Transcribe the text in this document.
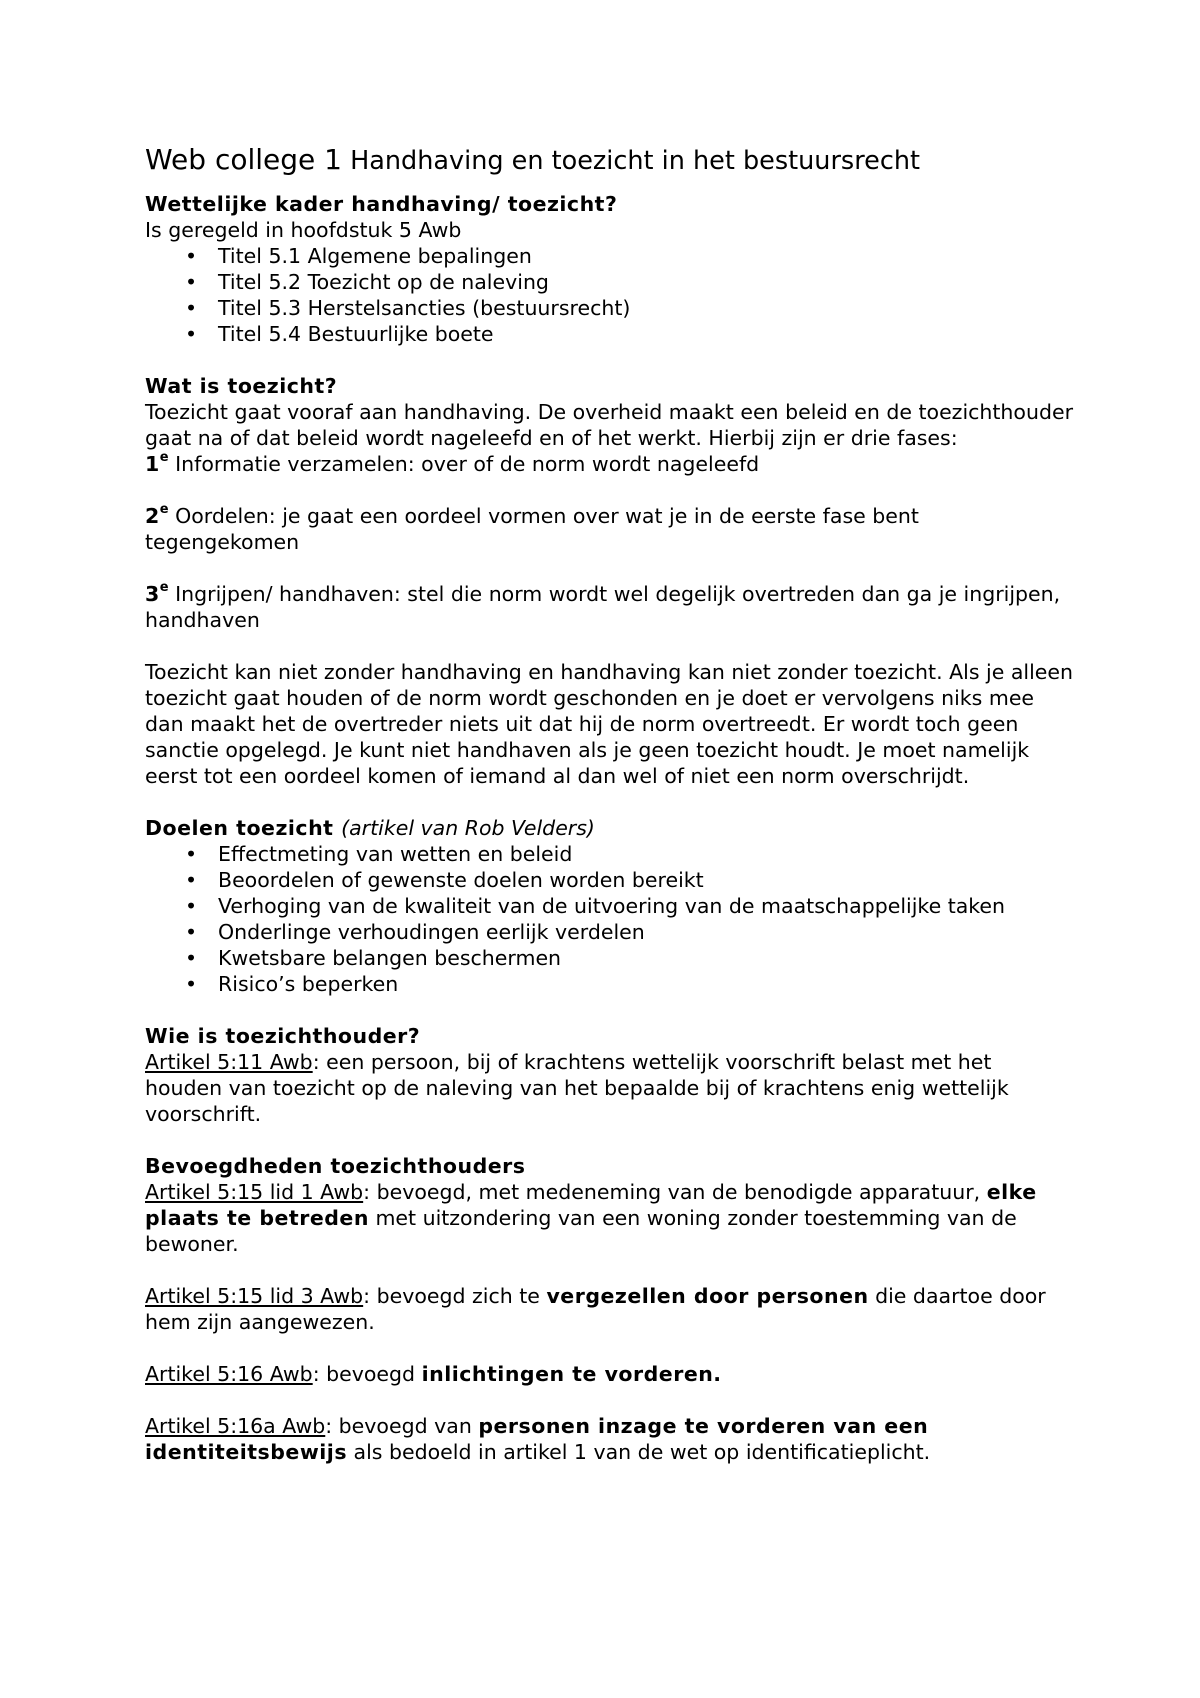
Web college 1 Handhaving en toezicht in het bestuursrecht

Wettelijke kader handhaving/ toezicht?

Is geregeld in hoofdstuk 5 Awb

• Titel 5.1 Algemene bepalingen
• Titel 5.2 Toezicht op de naleving
• Titel 5.3 Herstelsancties (bestuursrecht)
• Titel 5.4 Bestuurlijke boete

Wat is toezicht?

Toezicht gaat vooraf aan handhaving. De overheid maakt een beleid en de toezichthouder gaat na of dat beleid wordt nageleefd en of het werkt. Hierbij zijn er drie fases:

1e Informatie verzamelen: over of de norm wordt nageleefd

2e Oordelen: je gaat een oordeel vormen over wat je in de eerste fase bent tegengekomen

3e Ingrijpen/ handhaven: stel die norm wordt wel degelijk overtreden dan ga je ingrijpen, handhaven

Toezicht kan niet zonder handhaving en handhaving kan niet zonder toezicht. Als je alleen toezicht gaat houden of de norm wordt geschonden en je doet er vervolgens niks mee dan maakt het de overtreder niets uit dat hij de norm overtreedt. Er wordt toch geen sanctie opgelegd. Je kunt niet handhaven als je geen toezicht houdt. Je moet namelijk eerst tot een oordeel komen of iemand al dan wel of niet een norm overschrijdt.

Doelen toezicht (artikel van Rob Velders)

• Effectmeting van wetten en beleid
• Beoordelen of gewenste doelen worden bereikt
• Verhoging van de kwaliteit van de uitvoering van de maatschappelijke taken
• Onderlinge verhoudingen eerlijk verdelen
• Kwetsbare belangen beschermen
• Risico’s beperken

Wie is toezichthouder?

Artikel 5:11 Awb: een persoon, bij of krachtens wettelijk voorschrift belast met het houden van toezicht op de naleving van het bepaalde bij of krachtens enig wettelijk voorschrift.

Bevoegdheden toezichthouders

Artikel 5:15 lid 1 Awb: bevoegd, met medeneming van de benodigde apparatuur, elke plaats te betreden met uitzondering van een woning zonder toestemming van de bewoner.

Artikel 5:15 lid 3 Awb: bevoegd zich te vergezellen door personen die daartoe door hem zijn aangewezen.

Artikel 5:16 Awb: bevoegd inlichtingen te vorderen.

Artikel 5:16a Awb: bevoegd van personen inzage te vorderen van een identiteitsbewijs als bedoeld in artikel 1 van de wet op identificatieplicht.
